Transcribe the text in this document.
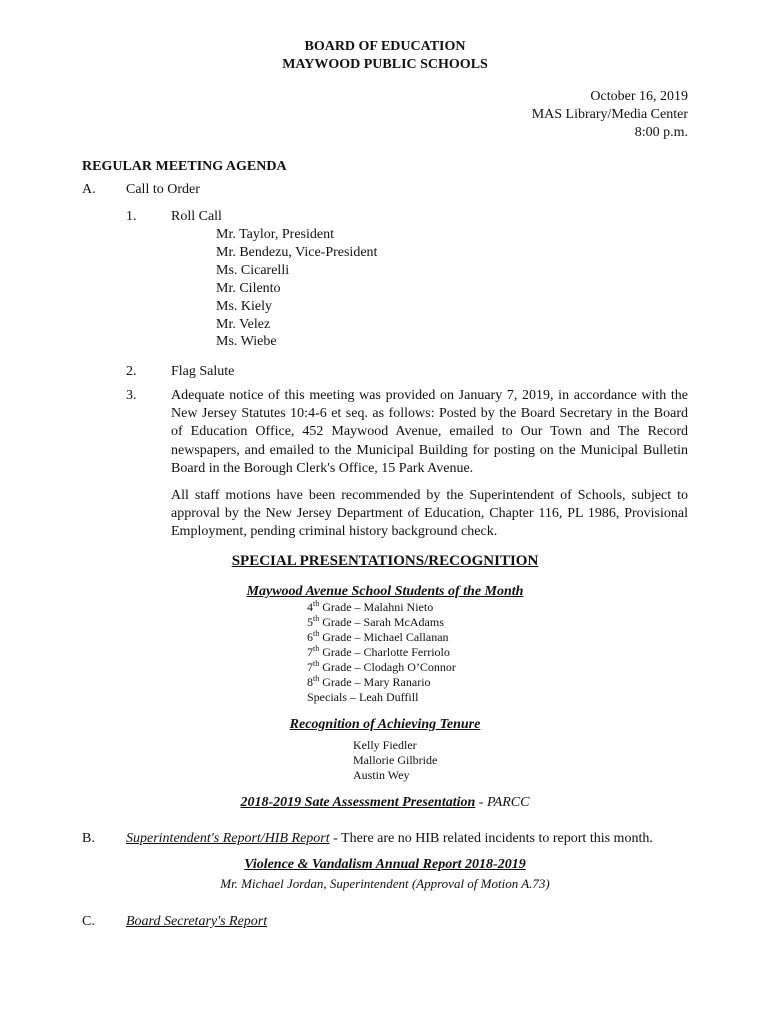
BOARD OF EDUCATION
MAYWOOD PUBLIC SCHOOLS
October 16, 2019
MAS Library/Media Center
8:00 p.m.
REGULAR MEETING AGENDA
A. Call to Order
1. Roll Call
Mr. Taylor, President
Mr. Bendezu, Vice-President
Ms. Cicarelli
Mr. Cilento
Ms. Kiely
Mr. Velez
Ms. Wiebe
2. Flag Salute
3. Adequate notice of this meeting was provided on January 7, 2019, in accordance with the New Jersey Statutes 10:4-6 et seq. as follows: Posted by the Board Secretary in the Board of Education Office, 452 Maywood Avenue, emailed to Our Town and The Record newspapers, and emailed to the Municipal Building for posting on the Municipal Bulletin Board in the Borough Clerk's Office, 15 Park Avenue.
All staff motions have been recommended by the Superintendent of Schools, subject to approval by the New Jersey Department of Education, Chapter 116, PL 1986, Provisional Employment, pending criminal history background check.
SPECIAL PRESENTATIONS/RECOGNITION
Maywood Avenue School Students of the Month
4th Grade – Malahni Nieto
5th Grade – Sarah McAdams
6th Grade – Michael Callanan
7th Grade – Charlotte Ferriolo
7th Grade – Clodagh O’Connor
8th Grade – Mary Ranario
Specials – Leah Duffill
Recognition of Achieving Tenure
Kelly Fiedler
Mallorie Gilbride
Austin Wey
2018-2019 Sate Assessment Presentation - PARCC
B. Superintendent's Report/HIB Report - There are no HIB related incidents to report this month.
Violence & Vandalism Annual Report 2018-2019
Mr. Michael Jordan, Superintendent (Approval of Motion A.73)
C. Board Secretary's Report
